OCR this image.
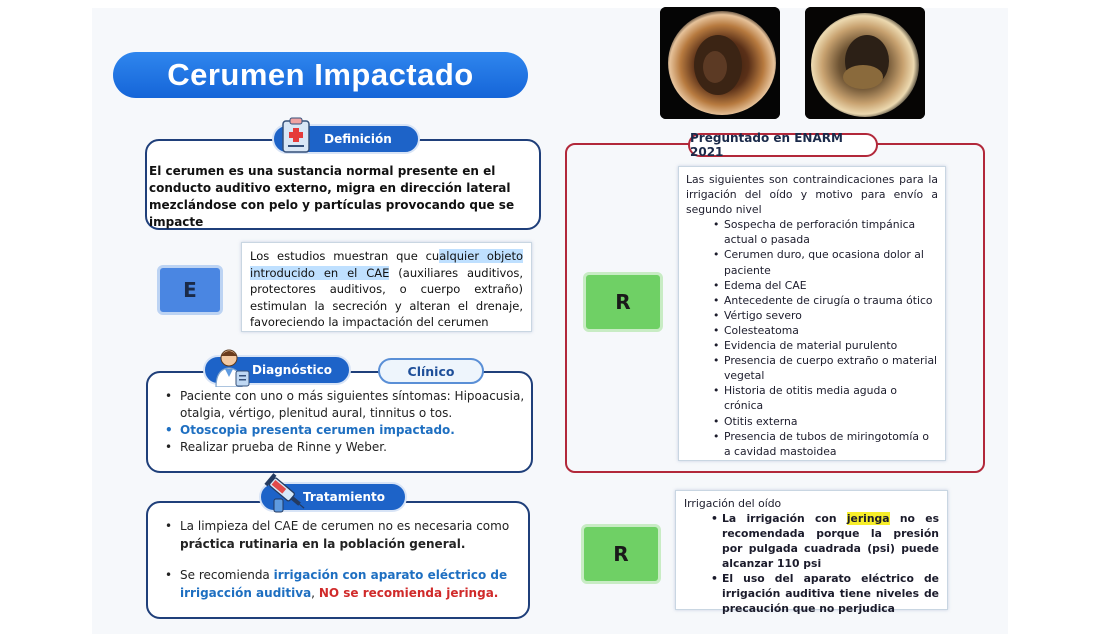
Cerumen Impactado
Definición
El cerumen es una sustancia normal presente en el conducto auditivo externo, migra en dirección lateral mezclándose con pelo y partículas provocando que se impacte
E
Los estudios muestran que cualquier objeto introducido en el CAE (auxiliares auditivos, protectores auditivos, o cuerpo extraño) estimulan la secreción y alteran el drenaje, favoreciendo la impactación del cerumen
Diagnóstico	Clínico
• Paciente con uno o más siguientes síntomas: Hipoacusia, otalgia, vértigo, plenitud aural, tinnitus o tos.
• Otoscopia presenta cerumen impactado.
• Realizar prueba de Rinne y Weber.
Tratamiento
• La limpieza del CAE de cerumen no es necesaria como práctica rutinaria en la población general.
• Se recomienda irrigación con aparato eléctrico de irrigacción auditiva, NO se recomienda jeringa.
Preguntado en ENARM 2021
R
Las siguientes son contraindicaciones para la irrigación del oído y motivo para envío a segundo nivel
• Sospecha de perforación timpánica actual o pasada
• Cerumen duro, que ocasiona dolor al paciente
• Edema del CAE
• Antecedente de cirugía o trauma ótico
• Vértigo severo
• Colesteatoma
• Evidencia de material purulento
• Presencia de cuerpo extraño o material vegetal
• Historia de otitis media aguda o crónica
• Otitis externa
• Presencia de tubos de miringotomía o a cavidad mastoidea
R
Irrigación del oído
• La irrigación con jeringa no es recomendada porque la presión por pulgada cuadrada (psi) puede alcanzar 110 psi
• El uso del aparato eléctrico de irrigación auditiva tiene niveles de precaución que no perjudica
